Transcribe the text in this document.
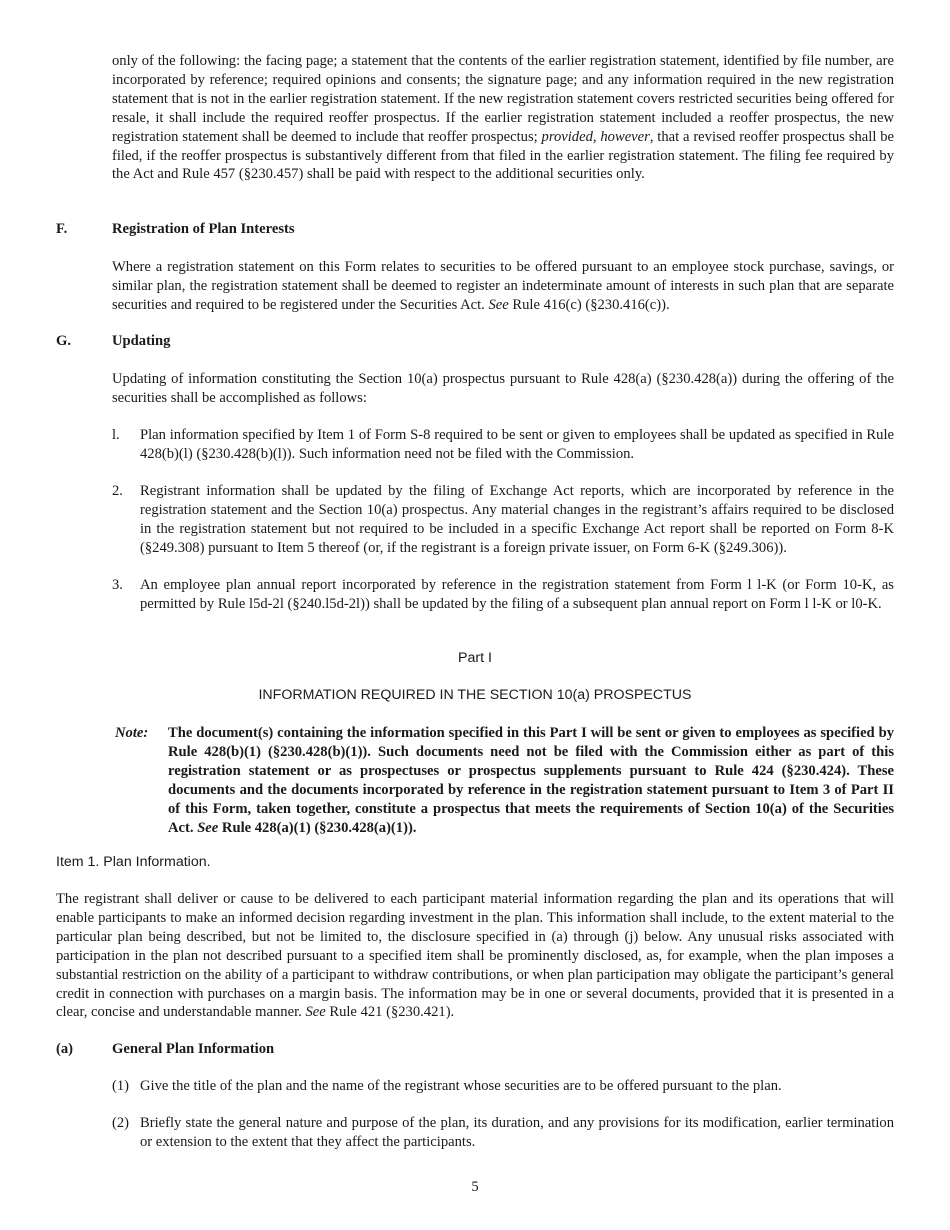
only of the following: the facing page; a statement that the contents of the earlier registration statement, identified by file number, are incorporated by reference; required opinions and consents; the signature page; and any information required in the new registration statement that is not in the earlier registration statement. If the new registration statement covers restricted securities being offered for resale, it shall include the required reoffer prospectus. If the earlier registration statement included a reoffer prospectus, the new registration statement shall be deemed to include that reoffer prospectus; provided, however, that a revised reoffer prospectus shall be filed, if the reoffer prospectus is substantively different from that filed in the earlier registration statement. The filing fee required by the Act and Rule 457 (§230.457) shall be paid with respect to the additional securities only.

F.	Registration of Plan Interests

Where a registration statement on this Form relates to securities to be offered pursuant to an employee stock purchase, savings, or similar plan, the registration statement shall be deemed to register an indeterminate amount of interests in such plan that are separate securities and required to be registered under the Securities Act. See Rule 416(c) (§230.416(c)).

G.	Updating

Updating of information constituting the Section 10(a) prospectus pursuant to Rule 428(a) (§230.428(a)) during the offering of the securities shall be accomplished as follows:

l. Plan information specified by Item 1 of Form S-8 required to be sent or given to employees shall be updated as specified in Rule 428(b)(l) (§230.428(b)(l)). Such information need not be filed with the Commission.

2. Registrant information shall be updated by the filing of Exchange Act reports, which are incorporated by reference in the registration statement and the Section 10(a) prospectus. Any material changes in the registrant’s affairs required to be disclosed in the registration statement but not required to be included in a specific Exchange Act report shall be reported on Form 8-K (§249.308) pursuant to Item 5 thereof (or, if the registrant is a foreign private issuer, on Form 6-K (§249.306)).

3. An employee plan annual report incorporated by reference in the registration statement from Form l l-K (or Form 10-K, as permitted by Rule l5d-2l (§240.l5d-2l)) shall be updated by the filing of a subsequent plan annual report on Form l l-K or l0-K.

Part I
INFORMATION REQUIRED IN THE SECTION 10(a) PROSPECTUS
Note: The document(s) containing the information specified in this Part I will be sent or given to employees as specified by Rule 428(b)(1) (§230.428(b)(1)). Such documents need not be filed with the Commission either as part of this registration statement or as prospectuses or prospectus supplements pursuant to Rule 424 (§230.424). These documents and the documents incorporated by reference in the registration statement pursuant to Item 3 of Part II of this Form, taken together, constitute a prospectus that meets the requirements of Section 10(a) of the Securities Act. See Rule 428(a)(1) (§230.428(a)(1)).

Item 1. Plan Information.

The registrant shall deliver or cause to be delivered to each participant material information regarding the plan and its operations that will enable participants to make an informed decision regarding investment in the plan. This information shall include, to the extent material to the particular plan being described, but not be limited to, the disclosure specified in (a) through (j) below. Any unusual risks associated with participation in the plan not described pursuant to a specified item shall be prominently disclosed, as, for example, when the plan imposes a substantial restriction on the ability of a participant to withdraw contributions, or when plan participation may obligate the participant’s general credit in connection with purchases on a margin basis. The information may be in one or several documents, provided that it is presented in a clear, concise and understandable manner. See Rule 421 (§230.421).

(a)	General Plan Information
(1) Give the title of the plan and the name of the registrant whose securities are to be offered pursuant to the plan.

(2) Briefly state the general nature and purpose of the plan, its duration, and any provisions for its modification, earlier termination or extension to the extent that they affect the participants.

5
